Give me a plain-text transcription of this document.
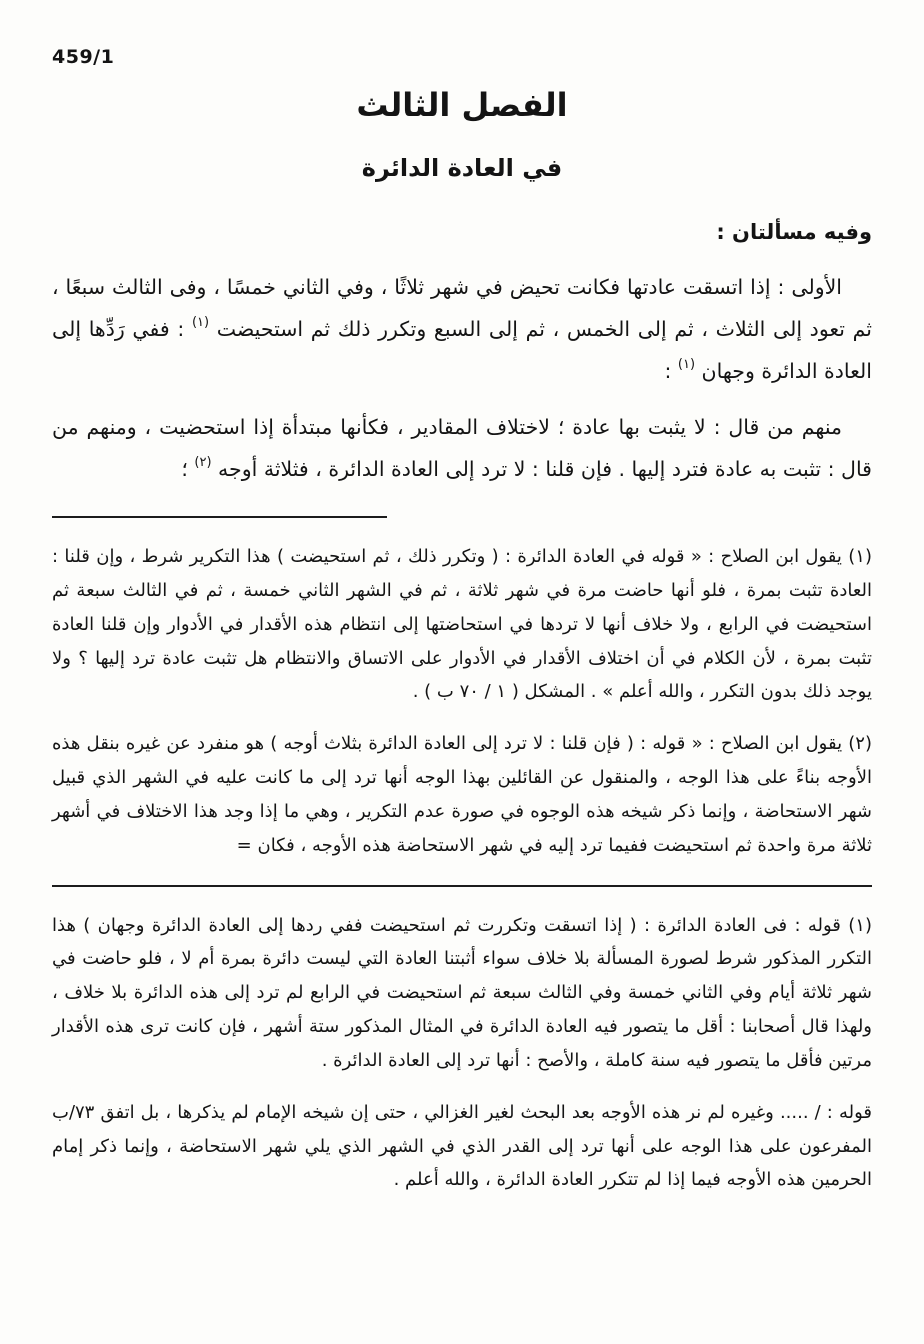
459/1
الفصل الثالث
في العادة الدائرة

وفيه مسألتان :

الأولى : إذا اتسقت عادتها فكانت تحيض في شهر ثلاثًا ، وفي الثاني خمسًا ، وفى الثالث سبعًا ، ثم تعود إلى الثلاث ، ثم إلى الخمس ، ثم إلى السبع وتكرر ذلك ثم استحيضت $^{(١)}$ : ففي رَدِّها إلى العادة الدائرة وجهان $^{(١)}$ :

منهم من قال : لا يثبت بها عادة ؛ لاختلاف المقادير ، فكأنها مبتدأة إذا استحضيت ، ومنهم من قال : تثبت به عادة فترد إليها . فإن قلنا : لا ترد إلى العادة الدائرة ، فثلاثة أوجه $^{(٢)}$ ؛

(١) يقول ابن الصلاح : « قوله في العادة الدائرة : ( وتكرر ذلك ، ثم استحيضت ) هذا التكرير شرط ، وإن قلنا : العادة تثبت بمرة ، فلو أنها حاضت مرة في شهر ثلاثة ، ثم في الشهر الثاني خمسة ، ثم في الثالث سبعة ثم استحيضت في الرابع ، ولا خلاف أنها لا تردها في استحاضتها إلى انتظام هذه الأقدار في الأدوار وإن قلنا العادة تثبت بمرة ، لأن الكلام في أن اختلاف الأقدار في الأدوار على الاتساق والانتظام هل تثبت عادة ترد إليها ؟ ولا يوجد ذلك بدون التكرر ، والله أعلم » . المشكل ( ١ / ٧٠ ب ) .

(٢) يقول ابن الصلاح : « قوله : ( فإن قلنا : لا ترد إلى العادة الدائرة بثلاث أوجه ) هو منفرد عن غيره بنقل هذه الأوجه بناءً على هذا الوجه ، والمنقول عن القائلين بهذا الوجه أنها ترد إلى ما كانت عليه في الشهر الذي قبيل شهر الاستحاضة ، وإنما ذكر شيخه هذه الوجوه في صورة عدم التكرير ، وهي ما إذا وجد هذا الاختلاف في أشهر ثلاثة مرة واحدة ثم استحيضت ففيما ترد إليه في شهر الاستحاضة هذه الأوجه ، فكان =

(١) قوله : فى العادة الدائرة : ( إذا اتسقت وتكررت ثم استحيضت ففي ردها إلى العادة الدائرة وجهان ) هذا التكرر المذكور شرط لصورة المسألة بلا خلاف سواء أثبتنا العادة التي ليست دائرة بمرة أم لا ، فلو حاضت في شهر ثلاثة أيام وفي الثاني خمسة وفي الثالث سبعة ثم استحيضت في الرابع لم ترد إلى هذه الدائرة بلا خلاف ، ولهذا قال أصحابنا : أقل ما يتصور فيه العادة الدائرة في المثال المذكور ستة أشهر ، فإن كانت ترى هذه الأقدار مرتين فأقل ما يتصور فيه سنة كاملة ، والأصح : أنها ترد إلى العادة الدائرة .

قوله : / ..... وغيره لم نر هذه الأوجه بعد البحث لغير الغزالي ، حتى إن شيخه الإمام لم يذكرها ، بل اتفق ٧٣/ب المفرعون على هذا الوجه على أنها ترد إلى القدر الذي في الشهر الذي يلي شهر الاستحاضة ، وإنما ذكر إمام الحرمين هذه الأوجه فيما إذا لم تتكرر العادة الدائرة ، والله أعلم .
